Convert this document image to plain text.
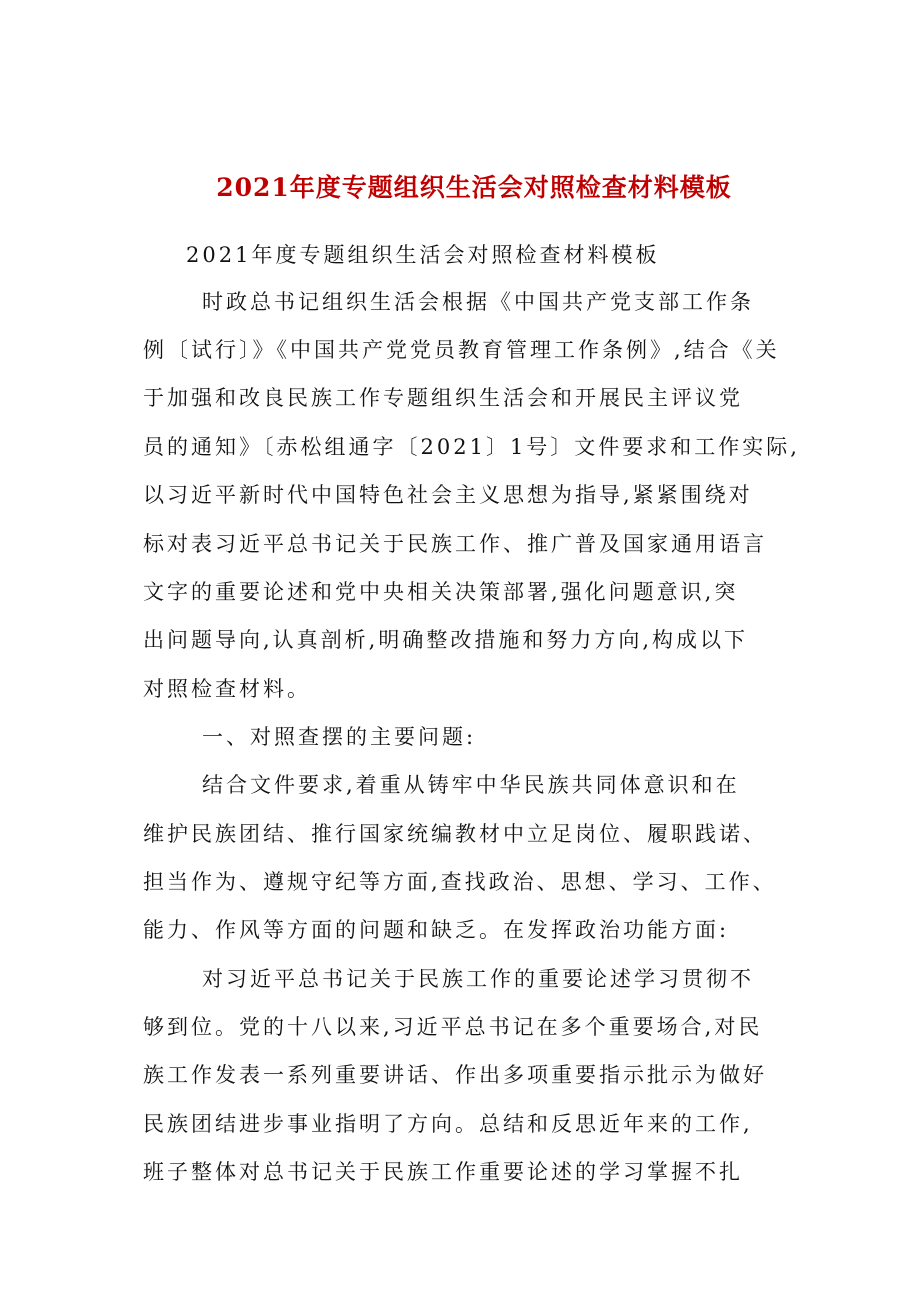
2021年度专题组织生活会对照检查材料模板
2021年度专题组织生活会对照检查材料模板
时政总书记组织生活会根据《中国共产党支部工作条
例〔试行〕》《中国共产党党员教育管理工作条例》,结合《关
于加强和改良民族工作专题组织生活会和开展民主评议党
员的通知》〔赤松组通字〔2021〕1号〕文件要求和工作实际,
以习近平新时代中国特色社会主义思想为指导,紧紧围绕对
标对表习近平总书记关于民族工作、推广普及国家通用语言
文字的重要论述和党中央相关决策部署,强化问题意识,突
出问题导向,认真剖析,明确整改措施和努力方向,构成以下
对照检查材料。
一、对照查摆的主要问题:
结合文件要求,着重从铸牢中华民族共同体意识和在
维护民族团结、推行国家统编教材中立足岗位、履职践诺、
担当作为、遵规守纪等方面,查找政治、思想、学习、工作、
能力、作风等方面的问题和缺乏。在发挥政治功能方面:
对习近平总书记关于民族工作的重要论述学习贯彻不
够到位。党的十八以来,习近平总书记在多个重要场合,对民
族工作发表一系列重要讲话、作出多项重要指示批示为做好
民族团结进步事业指明了方向。总结和反思近年来的工作,
班子整体对总书记关于民族工作重要论述的学习掌握不扎
